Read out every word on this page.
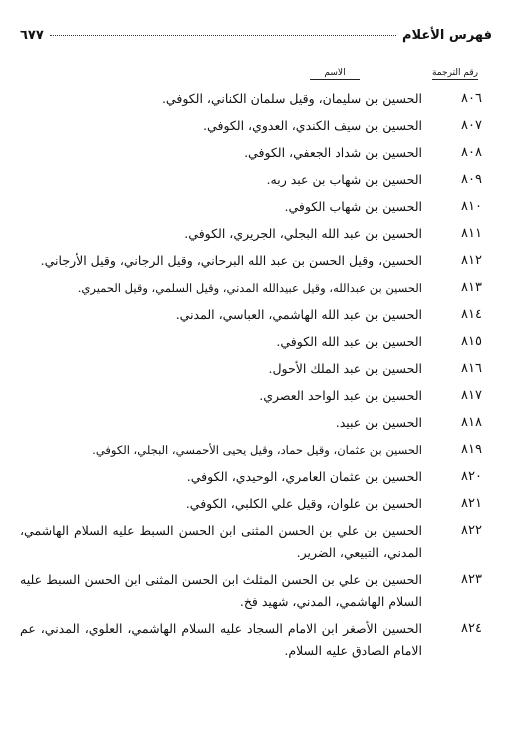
فهرس الأعلام
٦٧٧
رقم الترجمة
الاسم
٨٠٦
الحسين بن سليمان، وقيل سلمان الكناني، الكوفي.
٨٠٧
الحسين بن سيف الكندي، العدوي، الكوفي.
٨٠٨
الحسين بن شداد الجعفي، الكوفي.
٨٠٩
الحسين بن شهاب بن عبد ربه.
٨١٠
الحسين بن شهاب الكوفي.
٨١١
الحسين بن عبد الله البجلي، الجريري، الكوفي.
٨١٢
الحسين، وقيل الحسن بن عبد الله البرحاني، وقيل الرجاني، وقيل الأرجاني.
٨١٣
الحسين بن عبدالله، وقيل عبيدالله المدني، وقيل السلمي، وقيل الحميري.
٨١٤
الحسين بن عبد الله الهاشمي، العباسي، المدني.
٨١٥
الحسين بن عبد الله الكوفي.
٨١٦
الحسين بن عبد الملك الأحول.
٨١٧
الحسين بن عبد الواحد العصري.
٨١٨
الحسين بن عبيد.
٨١٩
الحسين بن عثمان، وقيل حماد، وقيل يحيى الأحمسي، البجلي، الكوفي.
٨٢٠
الحسين بن عثمان العامري، الوحيدي، الكوفي.
٨٢١
الحسين بن علوان، وقيل علي الكلبي، الكوفي.
٨٢٢
الحسين بن علي بن الحسن المثنى ابن الحسن السبط عليه السلام الهاشمي، المدني، التبيعي، الضرير.
٨٢٣
الحسين بن علي بن الحسن المثلث ابن الحسن المثنى ابن الحسن السبط عليه السلام الهاشمي، المدني، شهيد فخ.
٨٢٤
الحسين الأصغر ابن الامام السجاد عليه السلام الهاشمي، العلوي، المدني، عم الامام الصادق عليه السلام.
